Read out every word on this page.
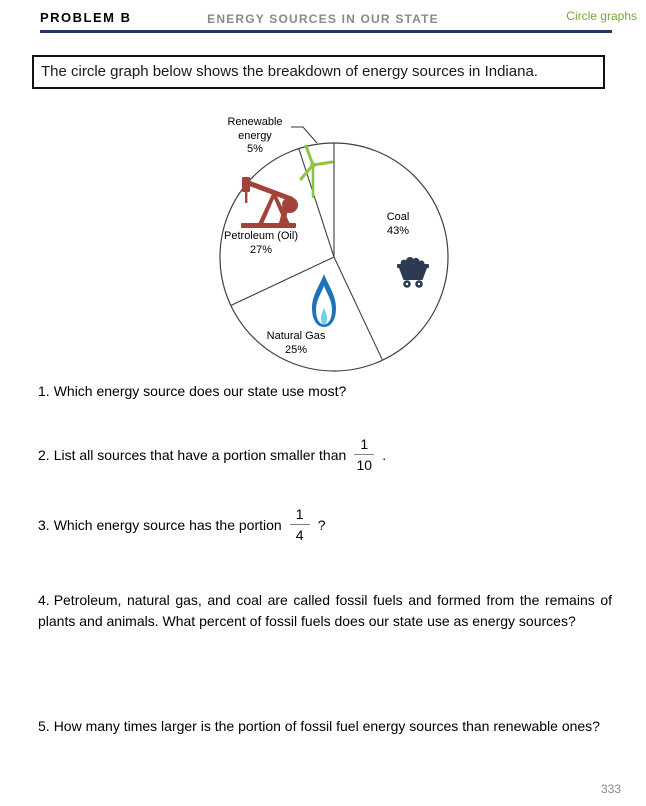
PROBLEM B	ENERGY SOURCES IN OUR STATE	Circle graphs
The circle graph below shows the breakdown of energy sources in Indiana.
Renewable energy
5%
Coal
43%
Petroleum (Oil)
27%
Natural Gas
25%
1. Which energy source does our state use most?
2. List all sources that have a portion smaller than $\frac{1}{10}$ .
3. Which energy source has the portion $\frac{1}{4}$ ?
4. Petroleum, natural gas, and coal are called fossil fuels and formed from the remains of plants and animals. What percent of fossil fuels does our state use as energy sources?
5. How many times larger is the portion of fossil fuel energy sources than renewable ones?
333
